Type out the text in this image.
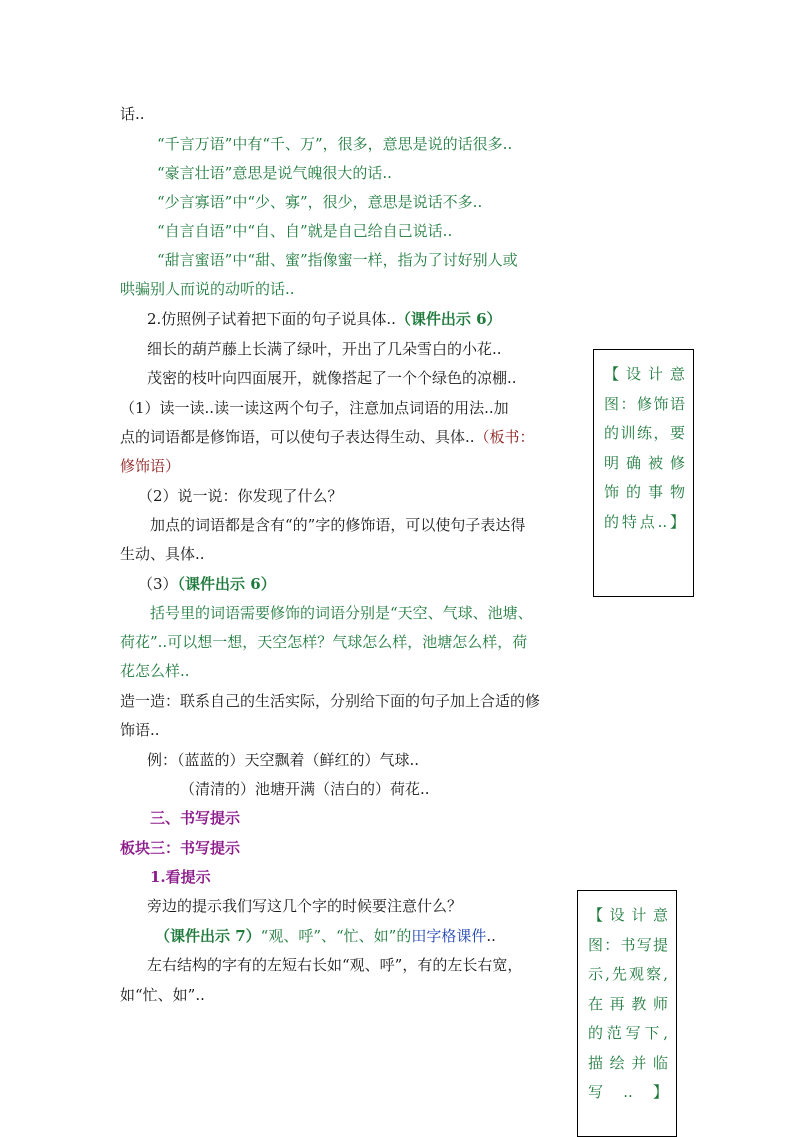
话..
“千言万语”中有“千、万”，很多，意思是说的话很多..
“豪言壮语”意思是说气魄很大的话..
“少言寡语”中“少、寡”，很少，意思是说话不多..
“自言自语”中“自、自”就是自己给自己说话..
“甜言蜜语”中“甜、蜜”指像蜜一样，指为了讨好别人或
哄骗别人而说的动听的话..
2.仿照例子试着把下面的句子说具体..（课件出示 6）
细长的葫芦藤上长满了绿叶，开出了几朵雪白的小花..
茂密的枝叶向四面展开，就像搭起了一个个绿色的凉棚..
（1）读一读..读一读这两个句子，注意加点词语的用法..加
点的词语都是修饰语，可以使句子表达得生动、具体..（板书：
修饰语）
（2）说一说：你发现了什么？
加点的词语都是含有“的”字的修饰语，可以使句子表达得
生动、具体..
（3）（课件出示 6）
括号里的词语需要修饰的词语分别是“天空、气球、池塘、
荷花”..可以想一想，天空怎样？气球怎么样，池塘怎么样，荷
花怎么样..
造一造：联系自己的生活实际，分别给下面的句子加上合适的修
饰语..
例：（蓝蓝的）天空飘着（鲜红的）气球..
（清清的）池塘开满（洁白的）荷花..
三、书写提示
板块三：书写提示
1.看提示
旁边的提示我们写这几个字的时候要注意什么？
（课件出示 7）“观、呼”、“忙、如”的田字格课件..
左右结构的字有的左短右长如“观、呼”，有的左长右宽，
如“忙、如”..
【设计意
图：修饰语
的训练，要
明确被修
饰的事物
的特点..】
【设计意
图：书写提
示,先观察,
在再教师
的范写下,
描绘并临
写..】
